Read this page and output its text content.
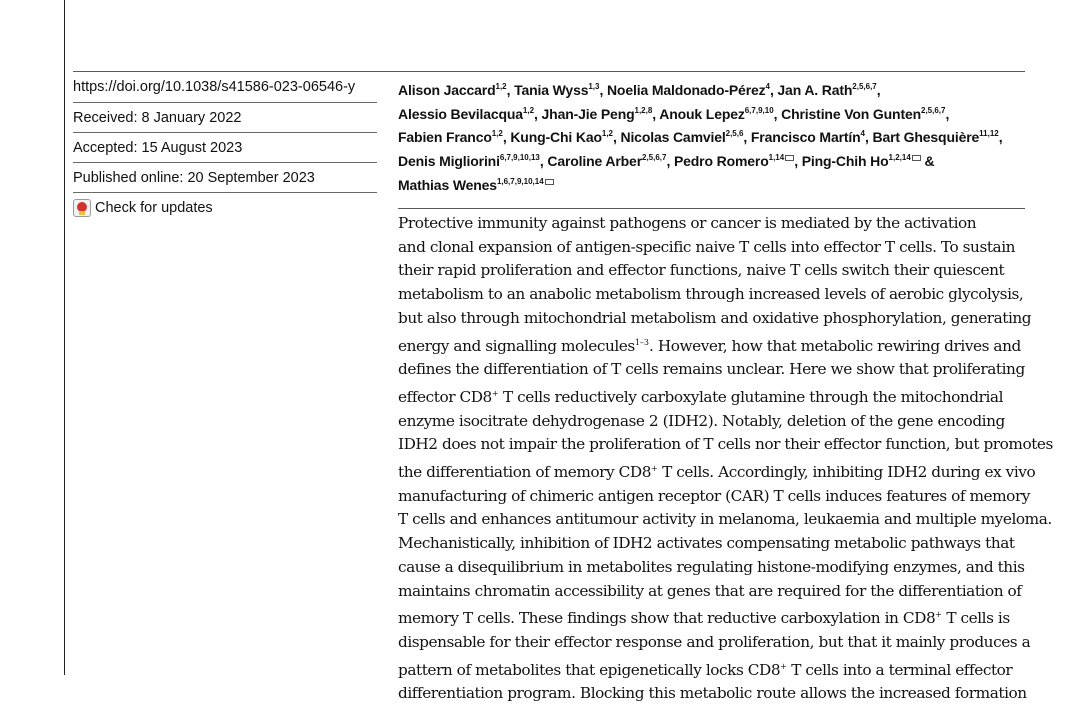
https://doi.org/10.1038/s41586-023-06546-y
Received: 8 January 2022
Accepted: 15 August 2023
Published online: 20 September 2023
Check for updates
Alison Jaccard$^{1,2}$, Tania Wyss$^{1,3}$, Noelia Maldonado-Pérez$^4$, Jan A. Rath$^{2,5,6,7}$,
Alessio Bevilacqua$^{1,2}$, Jhan-Jie Peng$^{1,2,8}$, Anouk Lepez$^{6,7,9,10}$, Christine Von Gunten$^{2,5,6,7}$,
Fabien Franco$^{1,2}$, Kung-Chi Kao$^{1,2}$, Nicolas Camviel$^{2,5,6}$, Francisco Martín$^4$, Bart Ghesquière$^{11,12}$,
Denis Migliorini$^{6,7,9,10,13}$, Caroline Arber$^{2,5,6,7}$, Pedro Romero$^{1,14}$ , Ping-Chih Ho$^{1,2,14}$ &
Mathias Wenes$^{1,6,7,9,10,14}$
Protective immunity against pathogens or cancer is mediated by the activation
and clonal expansion of antigen-specific naive T cells into effector T cells. To sustain
their rapid proliferation and effector functions, naive T cells switch their quiescent
metabolism to an anabolic metabolism through increased levels of aerobic glycolysis,
but also through mitochondrial metabolism and oxidative phosphorylation, generating
energy and signalling molecules$^{1-3}$. However, how that metabolic rewiring drives and
defines the differentiation of T cells remains unclear. Here we show that proliferating
effector CD8+ T cells reductively carboxylate glutamine through the mitochondrial
enzyme isocitrate dehydrogenase 2 (IDH2). Notably, deletion of the gene encoding
IDH2 does not impair the proliferation of T cells nor their effector function, but promotes
the differentiation of memory CD8+ T cells. Accordingly, inhibiting IDH2 during ex vivo
manufacturing of chimeric antigen receptor (CAR) T cells induces features of memory
T cells and enhances antitumour activity in melanoma, leukaemia and multiple myeloma.
Mechanistically, inhibition of IDH2 activates compensating metabolic pathways that
cause a disequilibrium in metabolites regulating histone-modifying enzymes, and this
maintains chromatin accessibility at genes that are required for the differentiation of
memory T cells. These findings show that reductive carboxylation in CD8+ T cells is
dispensable for their effector response and proliferation, but that it mainly produces a
pattern of metabolites that epigenetically locks CD8+ T cells into a terminal effector
differentiation program. Blocking this metabolic route allows the increased formation
